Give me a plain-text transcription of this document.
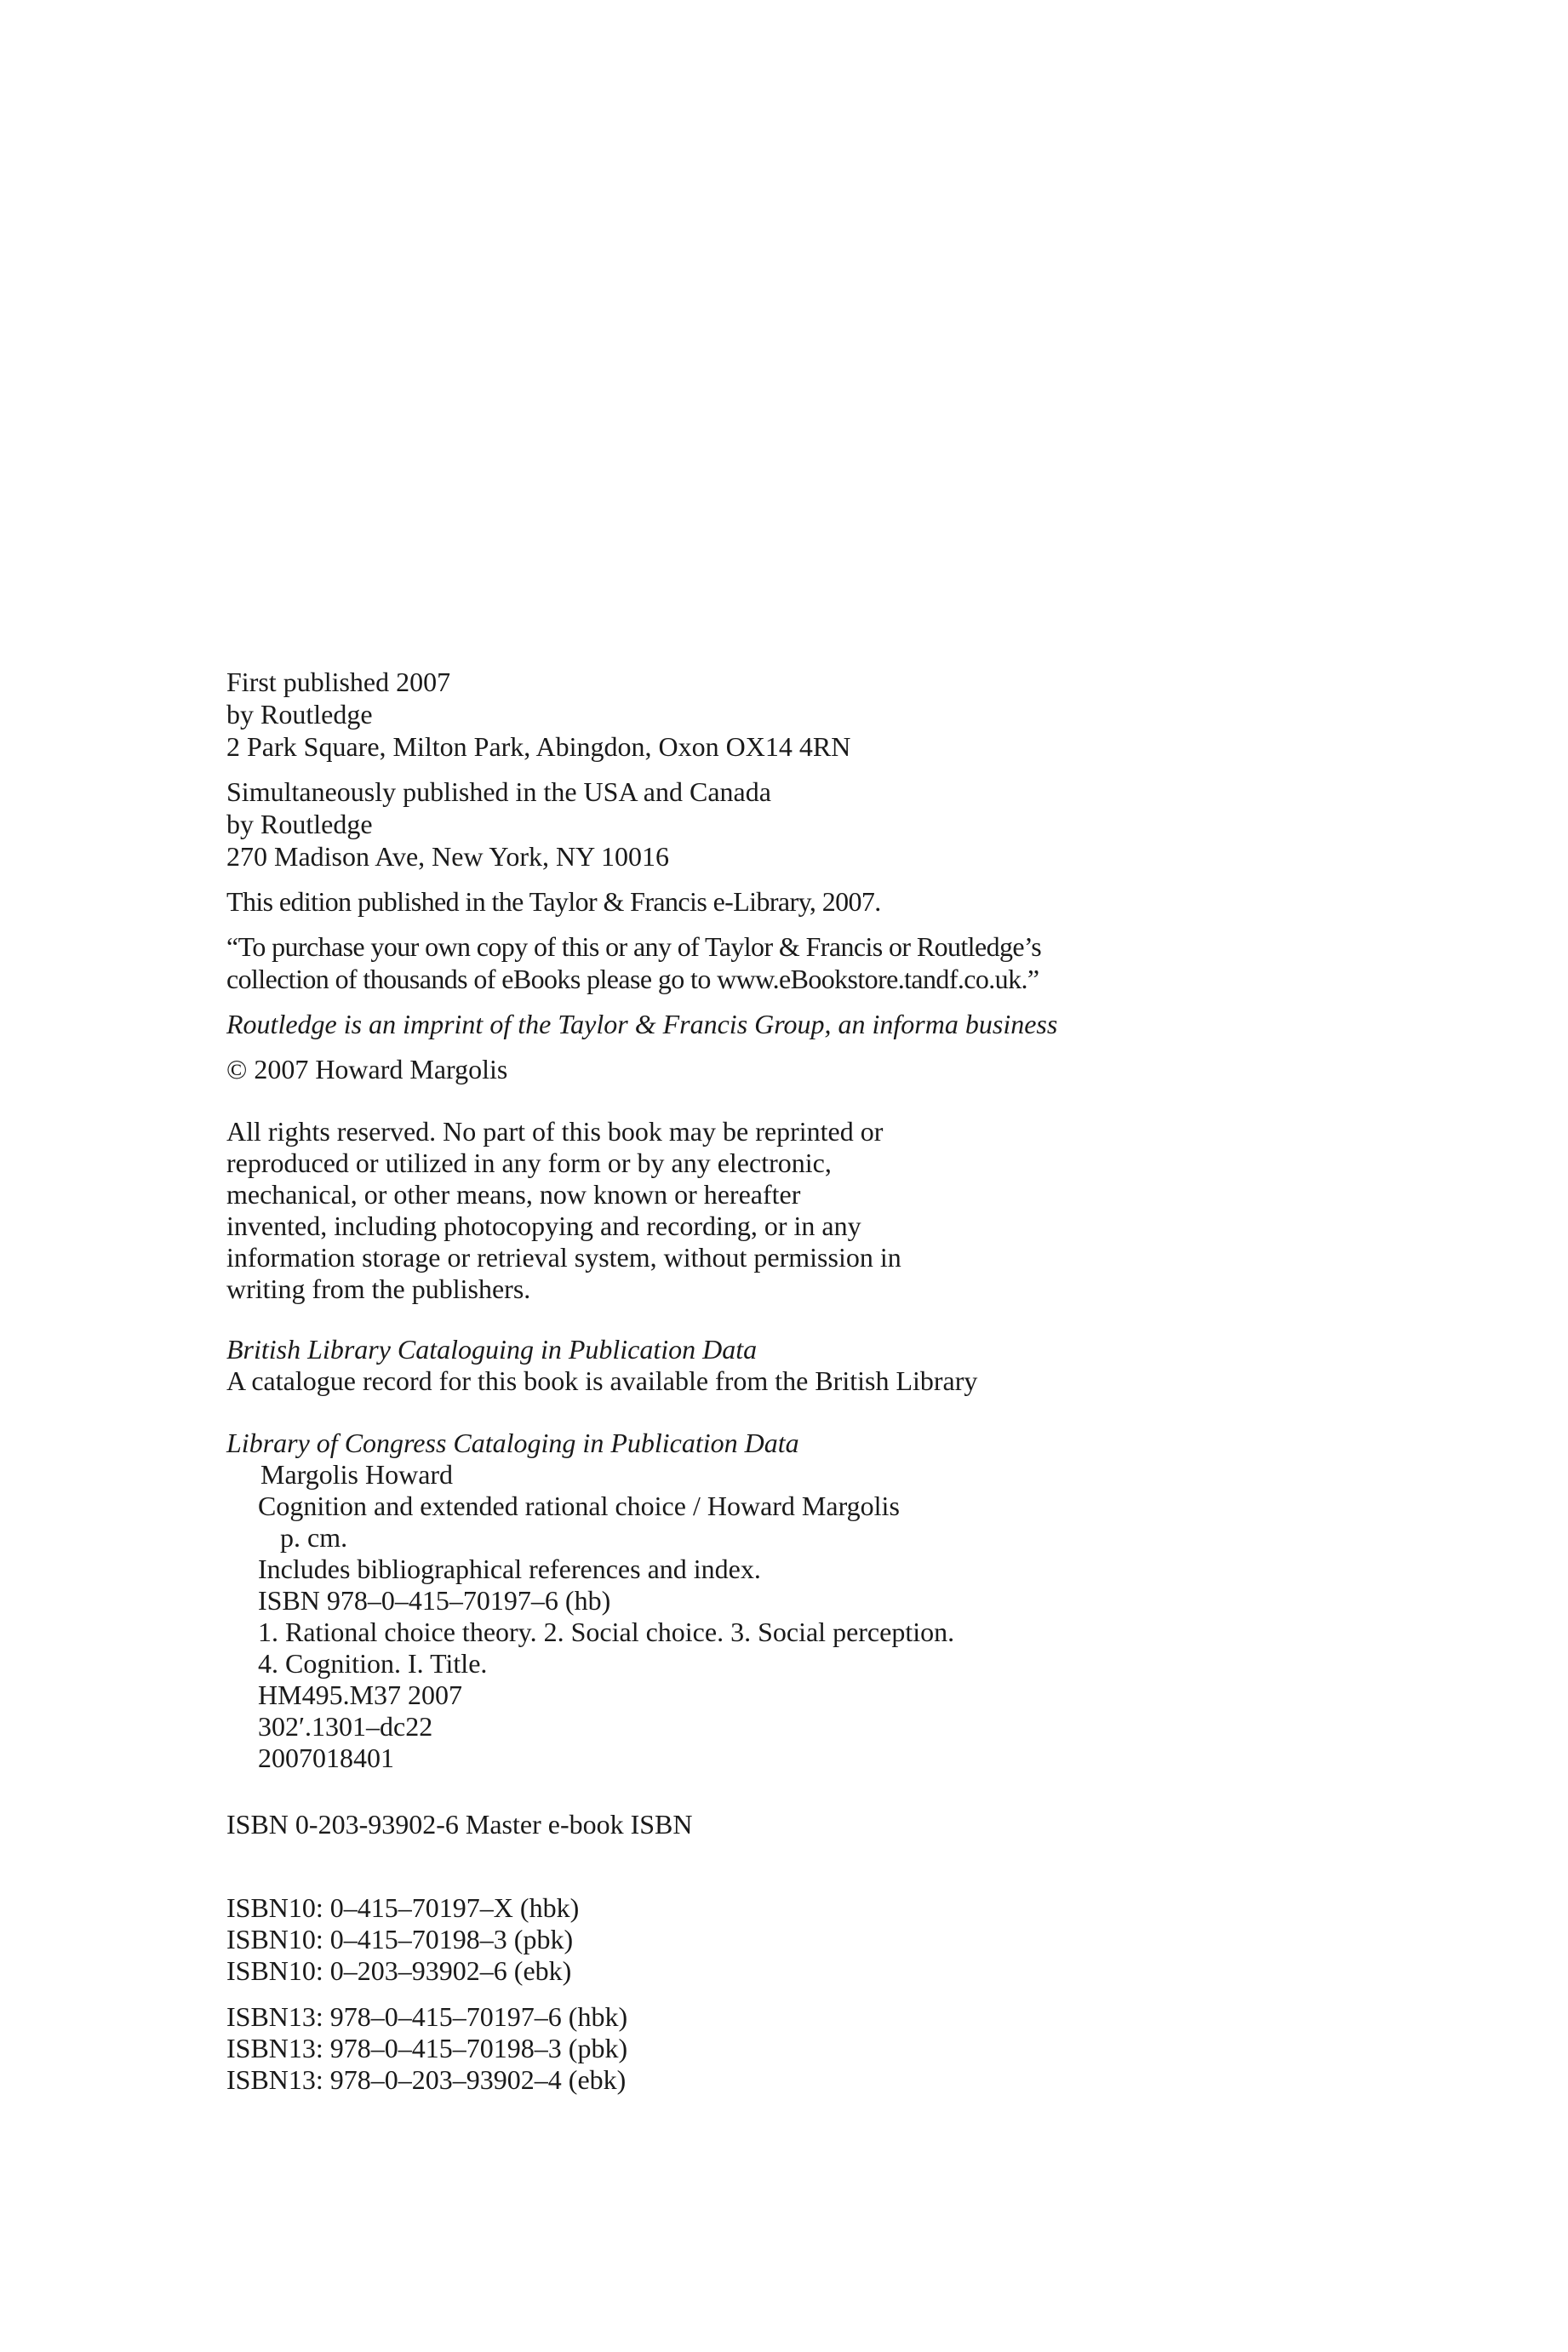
First published 2007
by Routledge
2 Park Square, Milton Park, Abingdon, Oxon OX14 4RN
Simultaneously published in the USA and Canada
by Routledge
270 Madison Ave, New York, NY 10016
This edition published in the Taylor & Francis e-Library, 2007.
“To purchase your own copy of this or any of Taylor & Francis or Routledge’s
collection of thousands of eBooks please go to www.eBookstore.tandf.co.uk.”
Routledge is an imprint of the Taylor & Francis Group, an informa business
© 2007 Howard Margolis
All rights reserved. No part of this book may be reprinted or
reproduced or utilized in any form or by any electronic,
mechanical, or other means, now known or hereafter
invented, including photocopying and recording, or in any
information storage or retrieval system, without permission in
writing from the publishers.
British Library Cataloguing in Publication Data
A catalogue record for this book is available from the British Library
Library of Congress Cataloging in Publication Data
Margolis Howard
Cognition and extended rational choice / Howard Margolis
p. cm.
Includes bibliographical references and index.
ISBN 978–0–415–70197–6 (hb)
1. Rational choice theory. 2. Social choice. 3. Social perception.
4. Cognition. I. Title.
HM495.M37 2007
302′.1301–dc22
2007018401
ISBN 0-203-93902-6 Master e-book ISBN
ISBN10: 0–415–70197–X (hbk)
ISBN10: 0–415–70198–3 (pbk)
ISBN10: 0–203–93902–6 (ebk)
ISBN13: 978–0–415–70197–6 (hbk)
ISBN13: 978–0–415–70198–3 (pbk)
ISBN13: 978–0–203–93902–4 (ebk)
